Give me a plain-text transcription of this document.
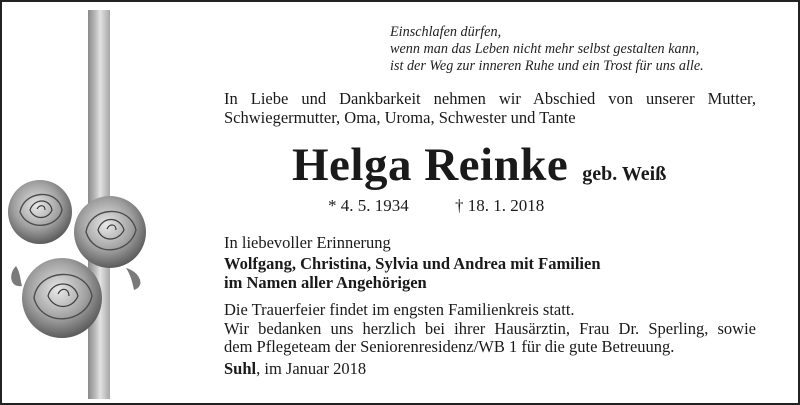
Einschlafen dürfen,
wenn man das Leben nicht mehr selbst gestalten kann,
ist der Weg zur inneren Ruhe und ein Trost für uns alle.
In Liebe und Dankbarkeit nehmen wir Abschied von unserer Mutter,
Schwiegermutter, Oma, Uroma, Schwester und Tante
Helga Reinke geb. Weiß
* 4. 5. 1934	† 18. 1. 2018
In liebevoller Erinnerung
Wolfgang, Christina, Sylvia und Andrea mit Familien
im Namen aller Angehörigen
Die Trauerfeier findet im engsten Familienkreis statt.
Wir bedanken uns herzlich bei ihrer Hausärztin, Frau Dr. Sperling, sowie
dem Pflegeteam der Seniorenresidenz/WB 1 für die gute Betreuung.
Suhl, im Januar 2018
